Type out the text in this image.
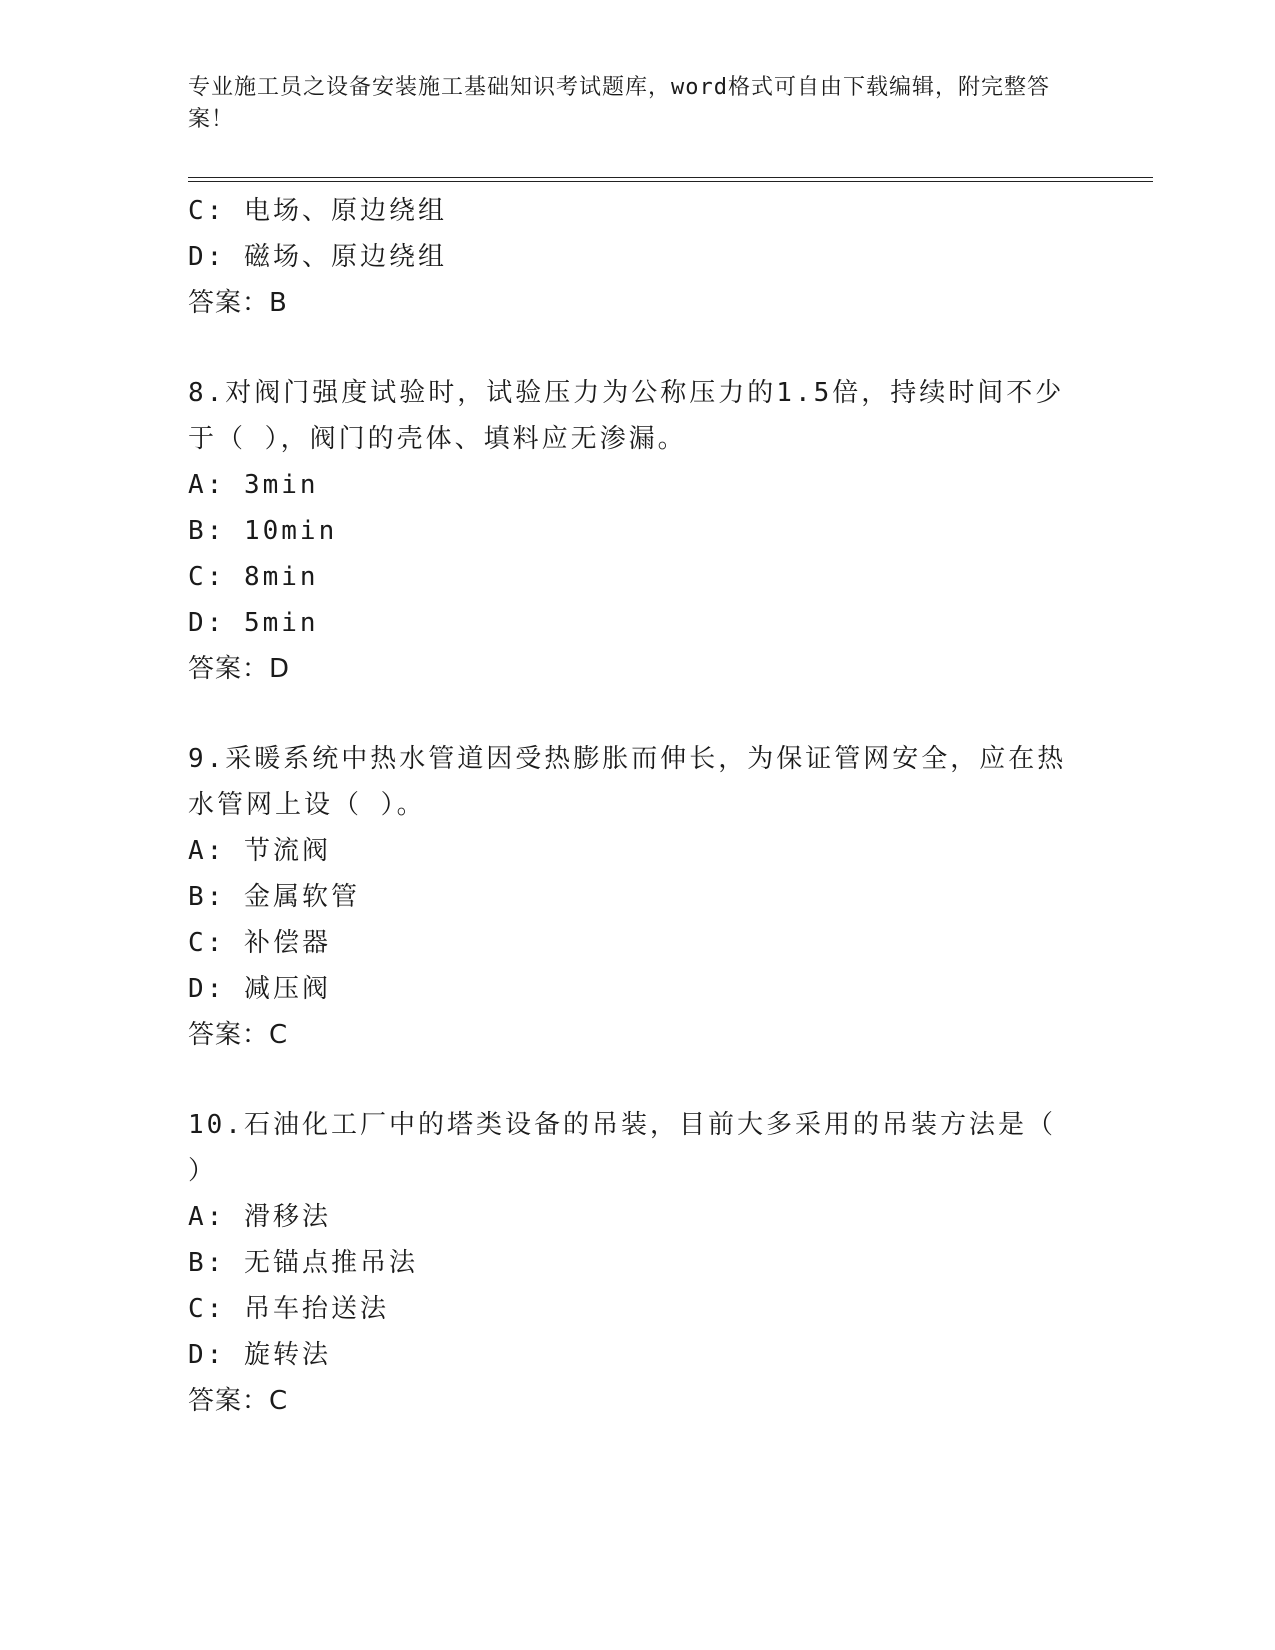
专业施工员之设备安装施工基础知识考试题库，word格式可自由下载编辑，附完整答案！
C: 电场、原边绕组
D: 磁场、原边绕组
答案：B
8.对阀门强度试验时，试验压力为公称压力的1.5倍，持续时间不少于（ ），阀门的壳体、填料应无渗漏。
A: 3min
B: 10min
C: 8min
D: 5min
答案：D
9.采暖系统中热水管道因受热膨胀而伸长，为保证管网安全，应在热水管网上设（ ）。
A: 节流阀
B: 金属软管
C: 补偿器
D: 减压阀
答案：C
10.石油化工厂中的塔类设备的吊装，目前大多采用的吊装方法是（ ）
A: 滑移法
B: 无锚点推吊法
C: 吊车抬送法
D: 旋转法
答案：C
